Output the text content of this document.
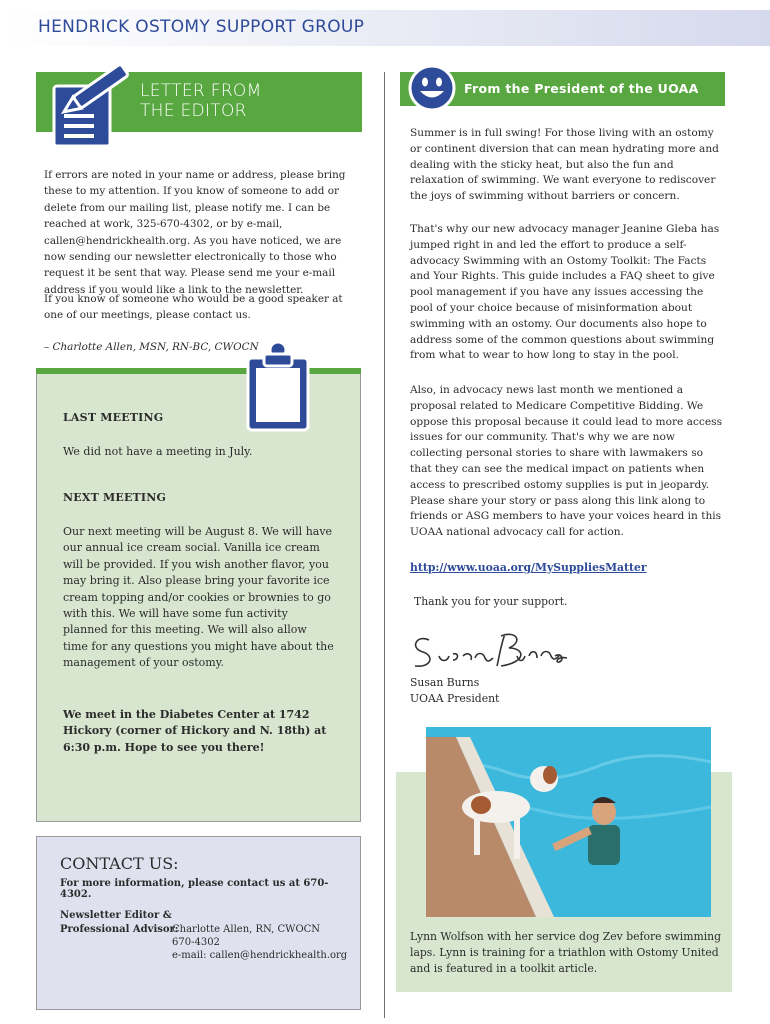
HENDRICK OSTOMY SUPPORT GROUP
LETTER FROM
THE EDITOR

If errors are noted in your name or address, please bring these to my attention. If you know of someone to add or delete from our mailing list, please notify me. I can be reached at work, 325-670-4302, or by e-mail, callen@hendrickhealth.org. As you have noticed, we are now sending our newsletter electronically to those who request it be sent that way. Please send me your e-mail address if you would like a link to the newsletter.

If you know of someone who would be a good speaker at one of our meetings, please contact us.

– Charlotte Allen, MSN, RN-BC, CWOCN
LAST MEETING

We did not have a meeting in July.

NEXT MEETING

Our next meeting will be August 8. We will have our annual ice cream social. Vanilla ice cream will be provided. If you wish another flavor, you may bring it. Also please bring your favorite ice cream topping and/or cookies or brownies to go with this. We will have some fun activity planned for this meeting. We will also allow time for any questions you might have about the management of your ostomy.

We meet in the Diabetes Center at 1742 Hickory (corner of Hickory and N. 18th) at 6:30 p.m. Hope to see you there!

CONTACT US:
For more information, please contact us at 670-4302.
Newsletter Editor &
Professional Advisor:
Charlotte Allen, RN, CWOCN
670-4302
e-mail: callen@hendrickhealth.org
From the President of the UOAA

Summer is in full swing! For those living with an ostomy or continent diversion that can mean hydrating more and dealing with the sticky heat, but also the fun and relaxation of swimming. We want everyone to rediscover the joys of swimming without barriers or concern.

That's why our new advocacy manager Jeanine Gleba has jumped right in and led the effort to produce a self-advocacy Swimming with an Ostomy Toolkit: The Facts and Your Rights. This guide includes a FAQ sheet to give pool management if you have any issues accessing the pool of your choice because of misinformation about swimming with an ostomy. Our documents also hope to address some of the common questions about swimming from what to wear to how long to stay in the pool.

Also, in advocacy news last month we mentioned a proposal related to Medicare Competitive Bidding. We oppose this proposal because it could lead to more access issues for our community. That's why we are now collecting personal stories to share with lawmakers so that they can see the medical impact on patients when access to prescribed ostomy supplies is put in jeopardy. Please share your story or pass along this link along to friends or ASG members to have your voices heard in this UOAA national advocacy call for action.

http://www.uoaa.org/MySuppliesMatter
Thank you for your support.
Susan Burns
UOAA President

Lynn Wolfson with her service dog Zev before swimming laps. Lynn is training for a triathlon with Ostomy United and is featured in a toolkit article.
